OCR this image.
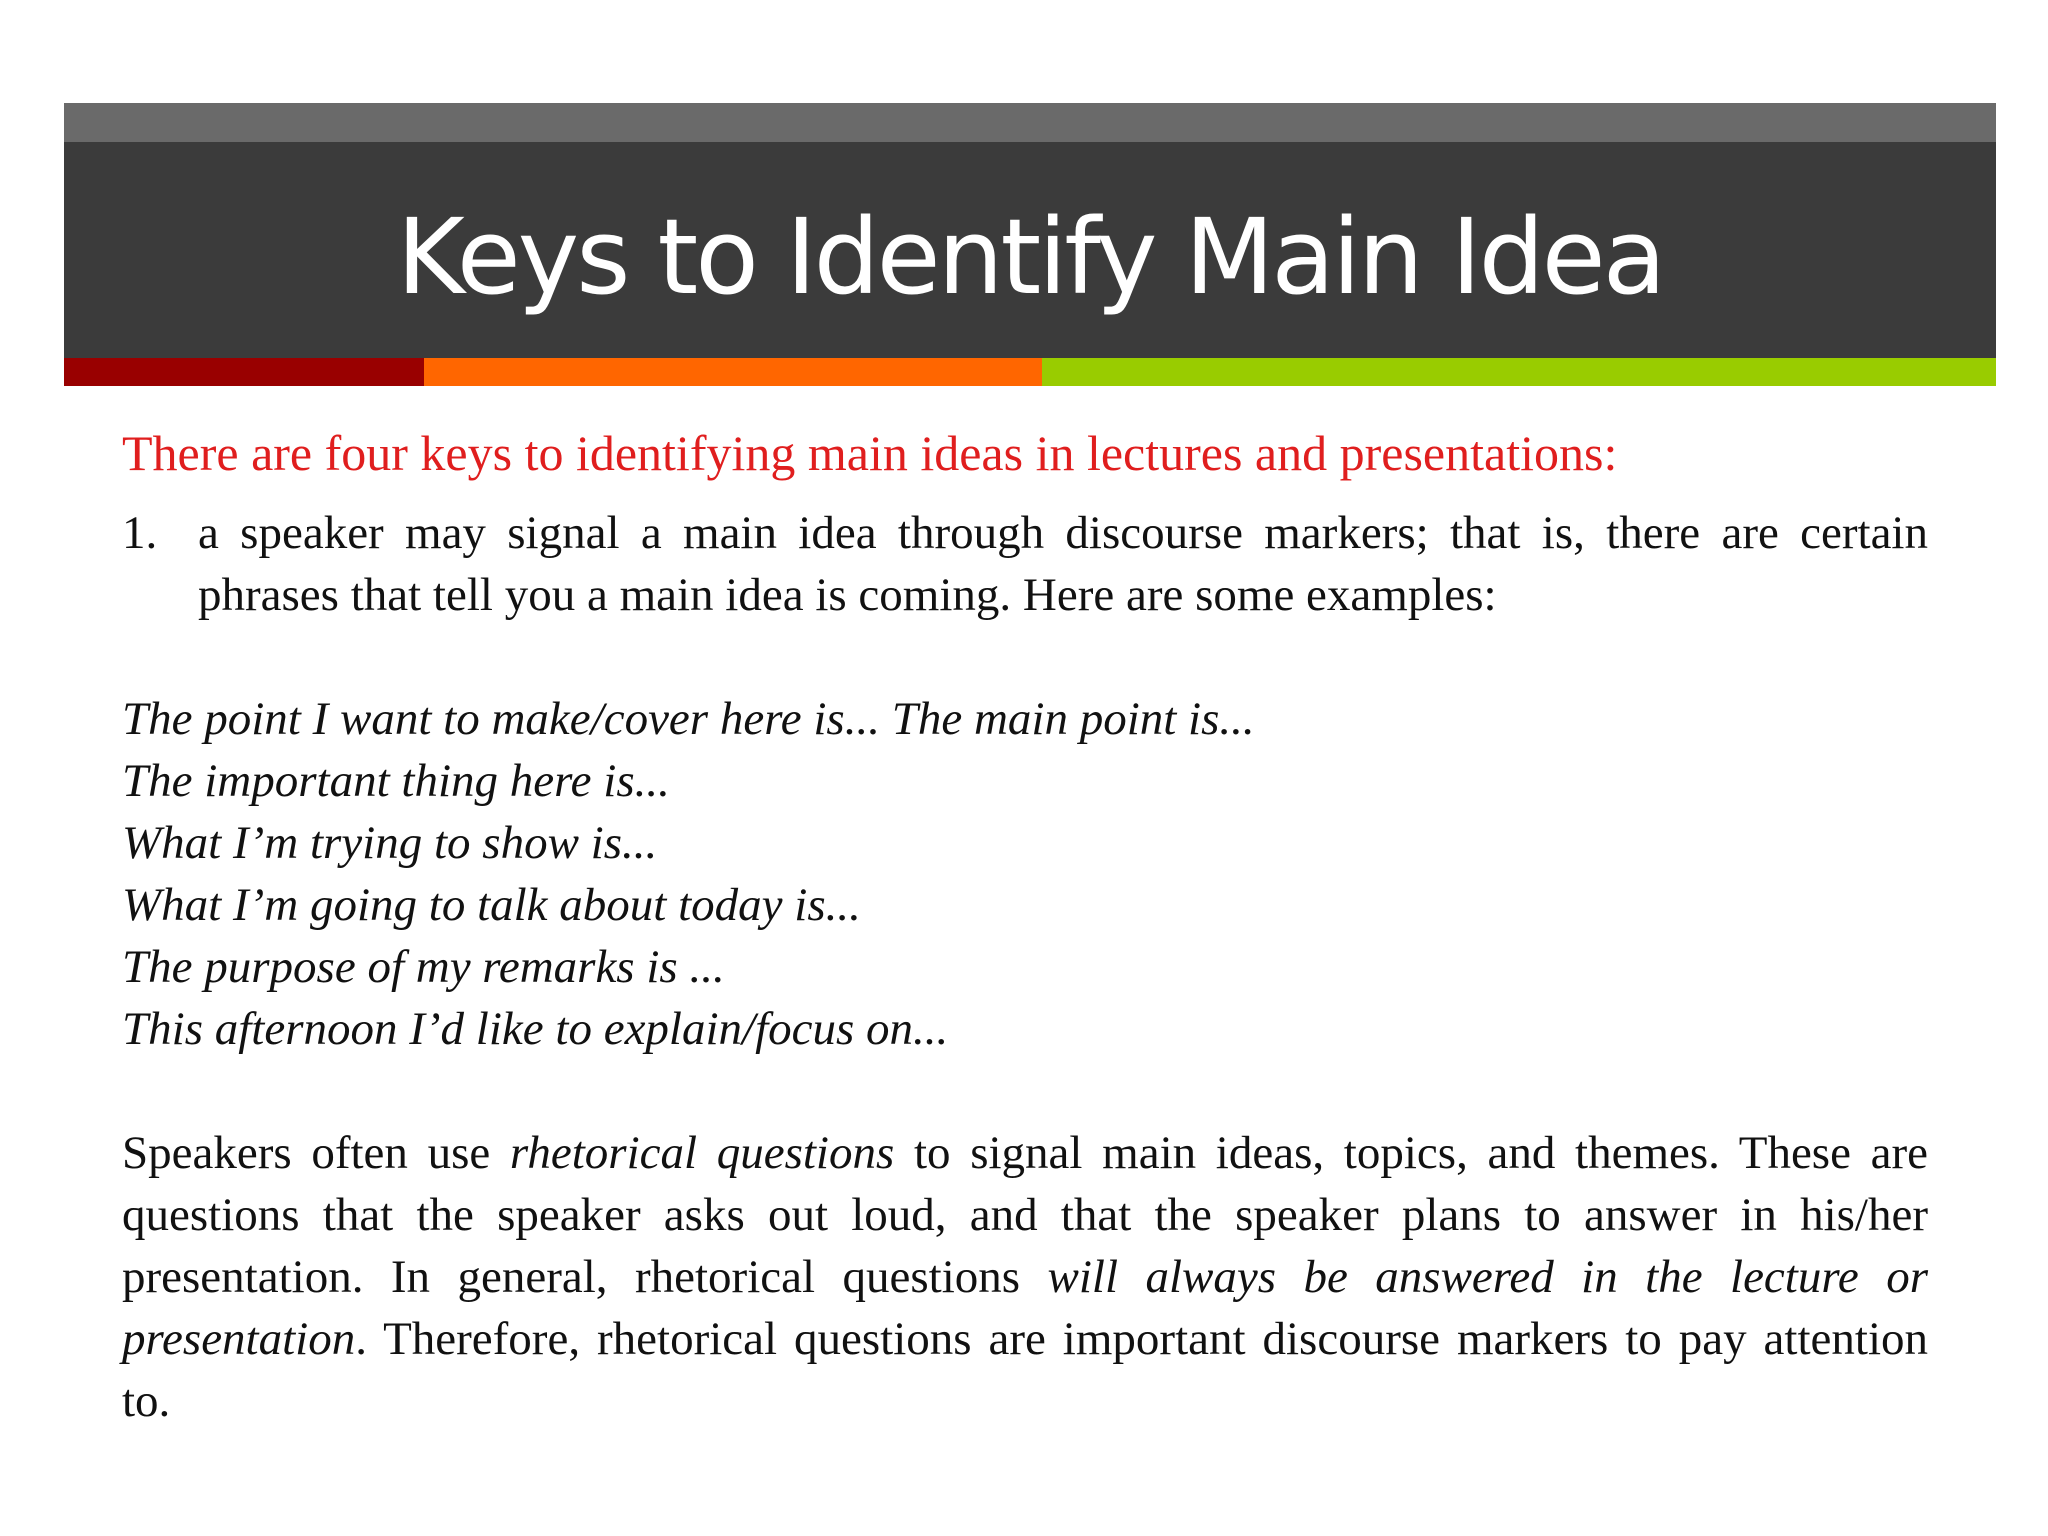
Keys to Identify Main Idea

There are four keys to identifying main ideas in lectures and presentations:

1. a speaker may signal a main idea through discourse markers; that is, there are certain phrases that tell you a main idea is coming. Here are some examples:
The point I want to make/cover here is... The main point is...
The important thing here is...
What I’m trying to show is...
What I’m going to talk about today is...
The purpose of my remarks is ...
This afternoon I’d like to explain/focus on...

Speakers often use rhetorical questions to signal main ideas, topics, and themes. These are questions that the speaker asks out loud, and that the speaker plans to answer in his/her presentation. In general, rhetorical questions will always be answered in the lecture or presentation. Therefore, rhetorical questions are important discourse markers to pay attention to.
